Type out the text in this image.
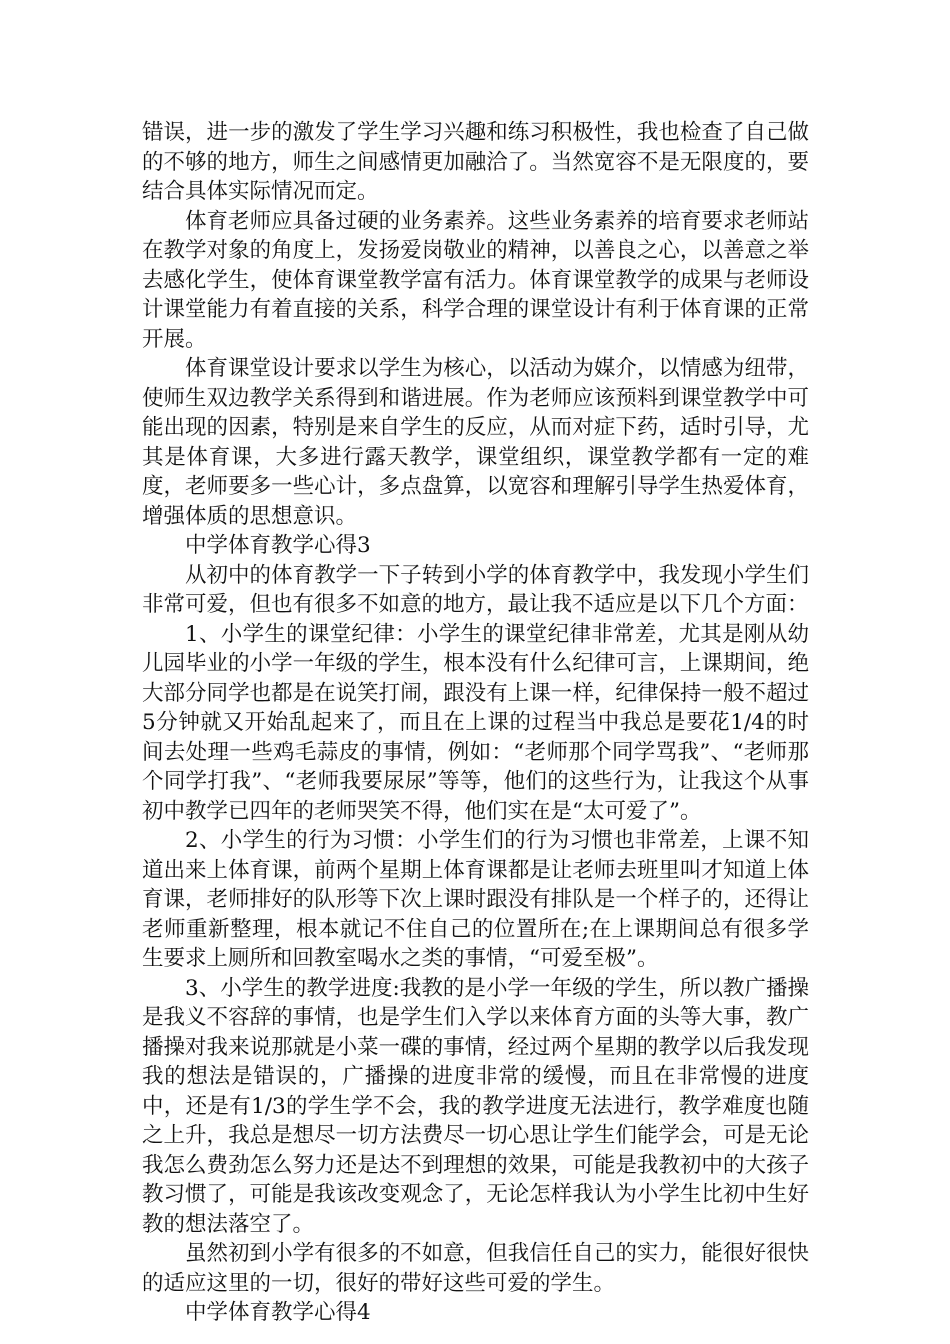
错误，进一步的激发了学生学习兴趣和练习积极性，我也检查了自己做的不够的地方，师生之间感情更加融洽了。当然宽容不是无限度的，要结合具体实际情况而定。

体育老师应具备过硬的业务素养。这些业务素养的培育要求老师站在教学对象的角度上，发扬爱岗敬业的精神，以善良之心，以善意之举去感化学生，使体育课堂教学富有活力。体育课堂教学的成果与老师设计课堂能力有着直接的关系，科学合理的课堂设计有利于体育课的正常开展。

体育课堂设计要求以学生为核心，以活动为媒介，以情感为纽带，使师生双边教学关系得到和谐进展。作为老师应该预料到课堂教学中可能出现的因素，特别是来自学生的反应，从而对症下药，适时引导，尤其是体育课，大多进行露天教学，课堂组织，课堂教学都有一定的难度，老师要多一些心计，多点盘算，以宽容和理解引导学生热爱体育，增强体质的思想意识。

中学体育教学心得3

从初中的体育教学一下子转到小学的体育教学中，我发现小学生们非常可爱，但也有很多不如意的地方，最让我不适应是以下几个方面：

1、小学生的课堂纪律：小学生的课堂纪律非常差，尤其是刚从幼儿园毕业的小学一年级的学生，根本没有什么纪律可言，上课期间，绝大部分同学也都是在说笑打闹，跟没有上课一样，纪律保持一般不超过5分钟就又开始乱起来了，而且在上课的过程当中我总是要花1/4的时间去处理一些鸡毛蒜皮的事情，例如：“老师那个同学骂我”、“老师那个同学打我”、“老师我要尿尿”等等，他们的这些行为，让我这个从事初中教学已四年的老师哭笑不得，他们实在是“太可爱了”。

2、小学生的行为习惯：小学生们的行为习惯也非常差，上课不知道出来上体育课，前两个星期上体育课都是让老师去班里叫才知道上体育课，老师排好的队形等下次上课时跟没有排队是一个样子的，还得让老师重新整理，根本就记不住自己的位置所在;在上课期间总有很多学生要求上厕所和回教室喝水之类的事情，“可爱至极”。

3、小学生的教学进度:我教的是小学一年级的学生，所以教广播操是我义不容辞的事情，也是学生们入学以来体育方面的头等大事，教广播操对我来说那就是小菜一碟的事情，经过两个星期的教学以后我发现我的想法是错误的，广播操的进度非常的缓慢，而且在非常慢的进度中，还是有1/3的学生学不会，我的教学进度无法进行，教学难度也随之上升，我总是想尽一切方法费尽一切心思让学生们能学会，可是无论我怎么费劲怎么努力还是达不到理想的效果，可能是我教初中的大孩子教习惯了，可能是我该改变观念了，无论怎样我认为小学生比初中生好教的想法落空了。

虽然初到小学有很多的不如意，但我信任自己的实力，能很好很快的适应这里的一切，很好的带好这些可爱的学生。

中学体育教学心得4
